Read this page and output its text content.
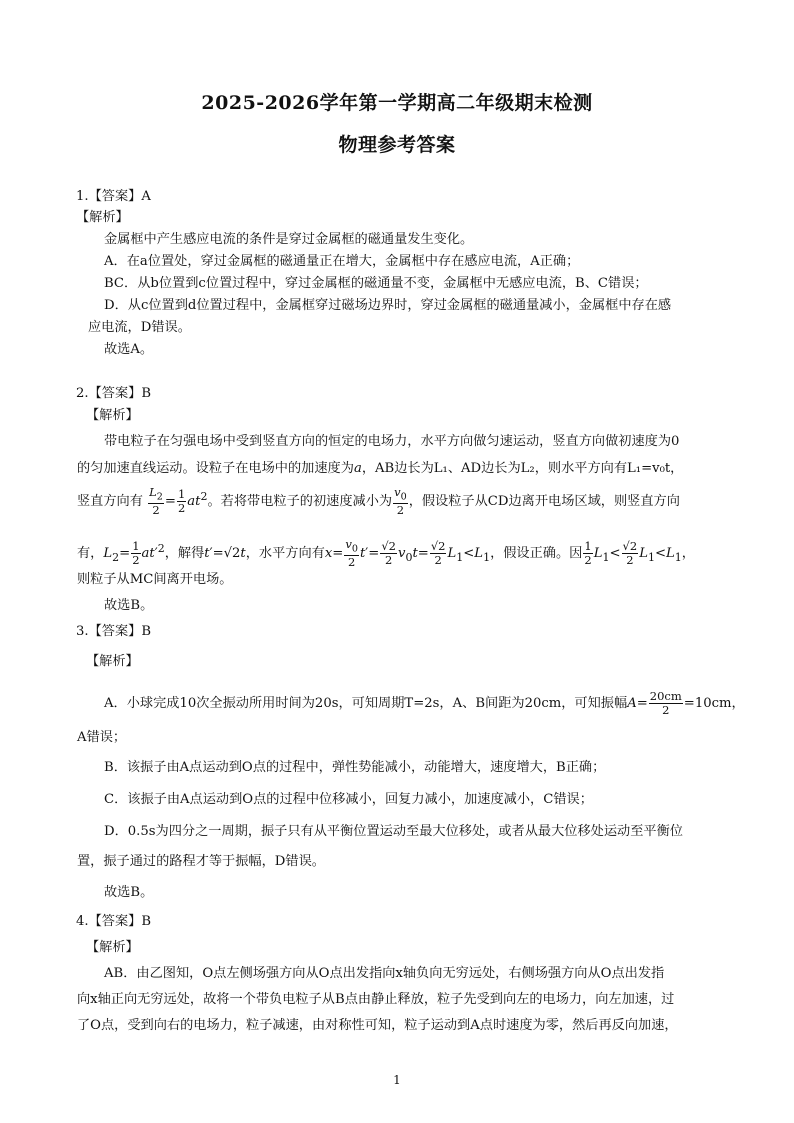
2025-2026学年第一学期高二年级期末检测
物理参考答案
1.【答案】A
【解析】
金属框中产生感应电流的条件是穿过金属框的磁通量发生变化。
A．在a位置处，穿过金属框的磁通量正在增大，金属框中存在感应电流，A正确；
BC．从b位置到c位置过程中，穿过金属框的磁通量不变，金属框中无感应电流，B、C错误；
D．从c位置到d位置过程中，金属框穿过磁场边界时，穿过金属框的磁通量减小，金属框中存在感
应电流，D错误。
故选A。
2.【答案】B
【解析】
带电粒子在匀强电场中受到竖直方向的恒定的电场力，水平方向做匀速运动，竖直方向做初速度为0
的匀加速直线运动。设粒子在电场中的加速度为a，AB边长为L₁、AD边长为L₂，则水平方向有L₁=v₀t，
竖直方向有 $\frac{L_2}{2} = \frac{1}{2} at^2$。若将带电粒子的初速度减小为 $\frac{v_0}{2}$ ，假设粒子从CD边离开电场区域，则竖直方向
有，$L_2= \frac{1}{2} at'^2$，解得t′=√2t，水平方向有$x= \frac{v_0}{2} t'= \frac{√2}{2} v_0t= \frac{√2}{2} L_1<L_1$，假设正确。因 $\frac{1}{2} L_1< \frac{√2}{2} L_1<L_1$，
则粒子从MC间离开电场。
故选B。
3.【答案】B
【解析】
A．小球完成10次全振动所用时间为20s，可知周期T=2s，A、B间距为20cm，可知振幅$A= \frac{20cm}{2} =10cm$，
A错误；
B．该振子由A点运动到O点的过程中，弹性势能减小，动能增大，速度增大，B正确；
C．该振子由A点运动到O点的过程中位移减小，回复力减小，加速度减小，C错误；
D．0.5s为四分之一周期，振子只有从平衡位置运动至最大位移处，或者从最大位移处运动至平衡位
置，振子通过的路程才等于振幅，D错误。
故选B。
4.【答案】B
【解析】
AB．由乙图知，O点左侧场强方向从O点出发指向x轴负向无穷远处，右侧场强方向从O点出发指
向x轴正向无穷远处，故将一个带负电粒子从B点由静止释放，粒子先受到向左的电场力，向左加速，过
了O点，受到向右的电场力，粒子减速，由对称性可知，粒子运动到A点时速度为零，然后再反向加速，
1
